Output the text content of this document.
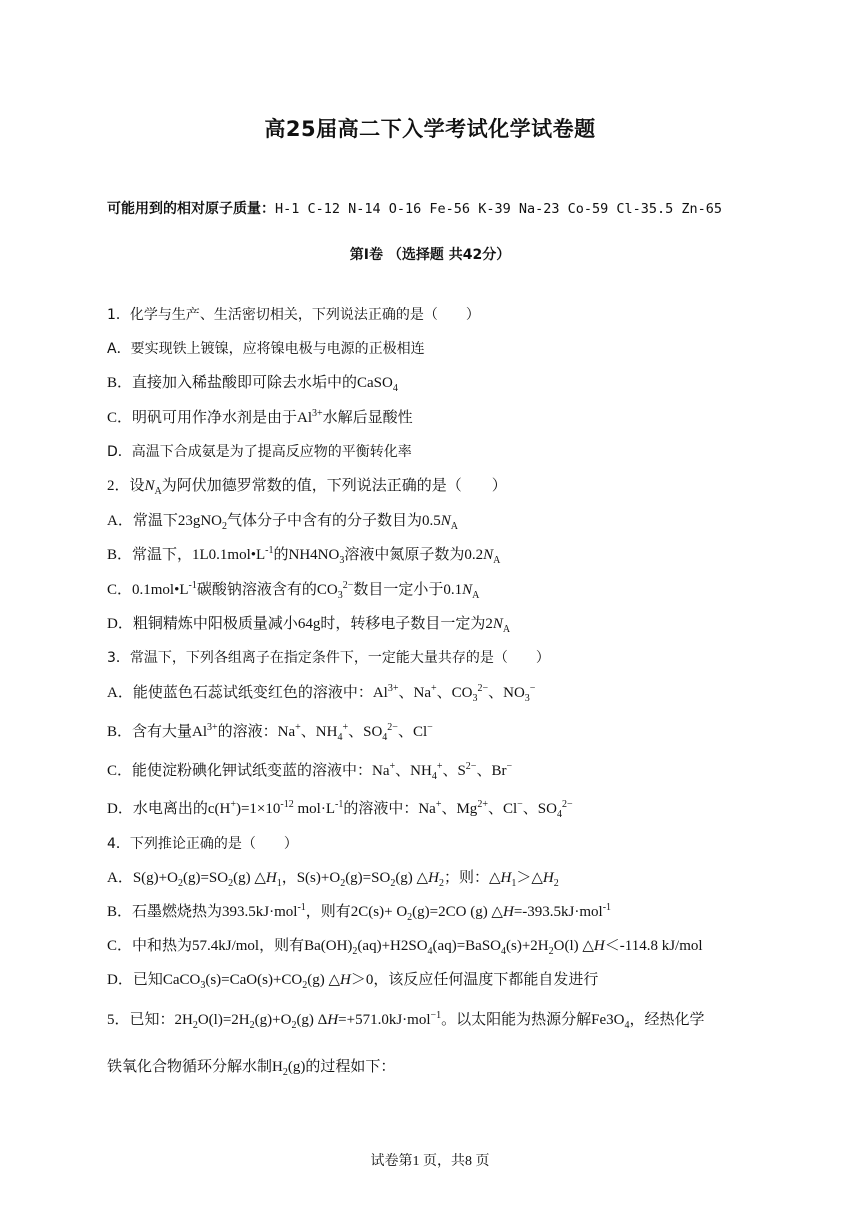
高25届高二下入学考试化学试卷题
可能用到的相对原子质量：H-1 C-12 N-14 O-16 Fe-56 K-39 Na-23 Co-59 Cl-35.5 Zn-65
第Ⅰ卷 （选择题 共42分）
1．化学与生产、生活密切相关，下列说法正确的是（　　）
A．要实现铁上镀镍，应将镍电极与电源的正极相连
B．直接加入稀盐酸即可除去水垢中的CaSO$_4$
C．明矾可用作净水剂是由于$Al^{3+}$水解后显酸性
D．高温下合成氨是为了提高反应物的平衡转化率
2．设$N_A$为阿伏加德罗常数的值，下列说法正确的是（　　）
A．常温下23gNO$_2$气体分子中含有的分子数目为$0.5N_A$
B．常温下，$1L0.1mol•L^{-1}$的$NH4NO_3$溶液中氮原子数为$0.2N_A$
C．$0.1mol•L^{-1}$碳酸钠溶液含有的$CO_3^{2-}$数目一定小于$0.1N_A$
D．粗铜精炼中阳极质量减小64g时，转移电子数目一定为$2N_A$
3．常温下，下列各组离子在指定条件下，一定能大量共存的是（　　）
A．能使蓝色石蕊试纸变红色的溶液中：$Al^{3+}$、Na+、$CO_3^{2-}$、$NO_3^-$
B．含有大量$Al^{3+}$的溶液：Na+、$NH_4^+$、$SO_4^{2-}$、Cl−
C．能使淀粉碘化钾试纸变蓝的溶液中：Na+、$NH_4^+$、$S^{2-}$、Br−
D．水电离出的$c(H^+)=1\times 10^{-12}$ $mol\cdot L^{-1}$的溶液中：Na+、$Mg^{2+}$、Cl−、$SO_4^{2-}$
4．下列推论正确的是（　　）
A．$S(g)+O_2(g)=SO_2(g)$ $\triangle H_1$，$S(s)+O_2(g)=SO_2(g)$ $\triangle H_2$；则：$\triangle H_1>\triangle H_2$
B．石墨燃烧热为393.5kJ·mol$^{-1}$，则有$2C(s)+ O_2(g)=2CO$ (g) △H=-393.5kJ·mol$^{-1}$
C．中和热为57.4kJ/mol，则有$Ba(OH)_2(aq)+H2SO_4(aq)=BaSO_4(s)+2H_2O(l)$ △H＜-114.8 kJ/mol
D．已知$CaCO_3(s)=CaO(s)+CO_2(g)$ △H＞0，该反应任何温度下都能自发进行
5．已知：$2H_2O(l)=2H_2(g)+O_2(g)$ ΔH=+571.0kJ·mol$^{-1}$。以太阳能为热源分解$Fe3O_4$，经热化学
铁氧化合物循环分解水制$H_2(g)$的过程如下：
试卷第1 页，共8 页
